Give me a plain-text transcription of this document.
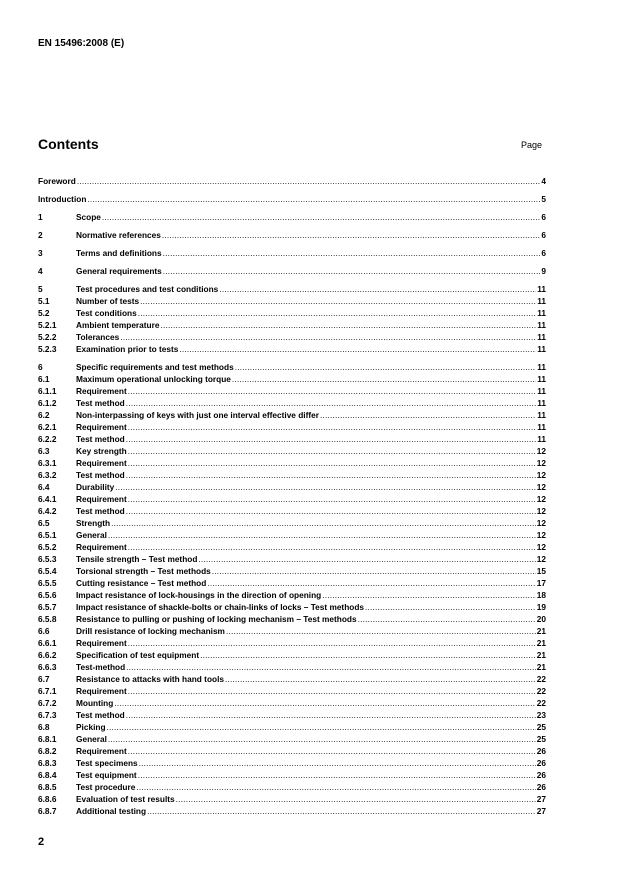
EN 15496:2008 (E)
Contents	Page
Foreword .....	4
Introduction .....	5
1	Scope .....	6
2	Normative references .....	6
3	Terms and definitions .....	6
4	General requirements .....	9
5	Test procedures and test conditions .....	11
5.1	Number of tests .....	11
5.2	Test conditions .....	11
5.2.1	Ambient temperature .....	11
5.2.2	Tolerances .....	11
5.2.3	Examination prior to tests .....	11
6	Specific requirements and test methods .....	11
6.1	Maximum operational unlocking torque .....	11
6.1.1	Requirement .....	11
6.1.2	Test method .....	11
6.2	Non-interpassing of keys with just one interval effective differ .....	11
6.2.1	Requirement .....	11
6.2.2	Test method .....	11
6.3	Key strength .....	12
6.3.1	Requirement .....	12
6.3.2	Test method .....	12
6.4	Durability .....	12
6.4.1	Requirement .....	12
6.4.2	Test method .....	12
6.5	Strength .....	12
6.5.1	General .....	12
6.5.2	Requirement .....	12
6.5.3	Tensile strength – Test method .....	12
6.5.4	Torsional strength – Test methods .....	15
6.5.5	Cutting resistance – Test method .....	17
6.5.6	Impact resistance of lock-housings in the direction of opening .....	18
6.5.7	Impact resistance of shackle-bolts or chain-links of locks – Test methods .....	19
6.5.8	Resistance to pulling or pushing of locking mechanism – Test methods .....	20
6.6	Drill resistance of locking mechanism .....	21
6.6.1	Requirement .....	21
6.6.2	Specification of test equipment .....	21
6.6.3	Test-method .....	21
6.7	Resistance to attacks with hand tools .....	22
6.7.1	Requirement .....	22
6.7.2	Mounting .....	22
6.7.3	Test method .....	23
6.8	Picking .....	25
6.8.1	General .....	25
6.8.2	Requirement .....	26
6.8.3	Test specimens .....	26
6.8.4	Test equipment .....	26
6.8.5	Test procedure .....	26
6.8.6	Evaluation of test results .....	27
6.8.7	Additional testing .....	27
2
